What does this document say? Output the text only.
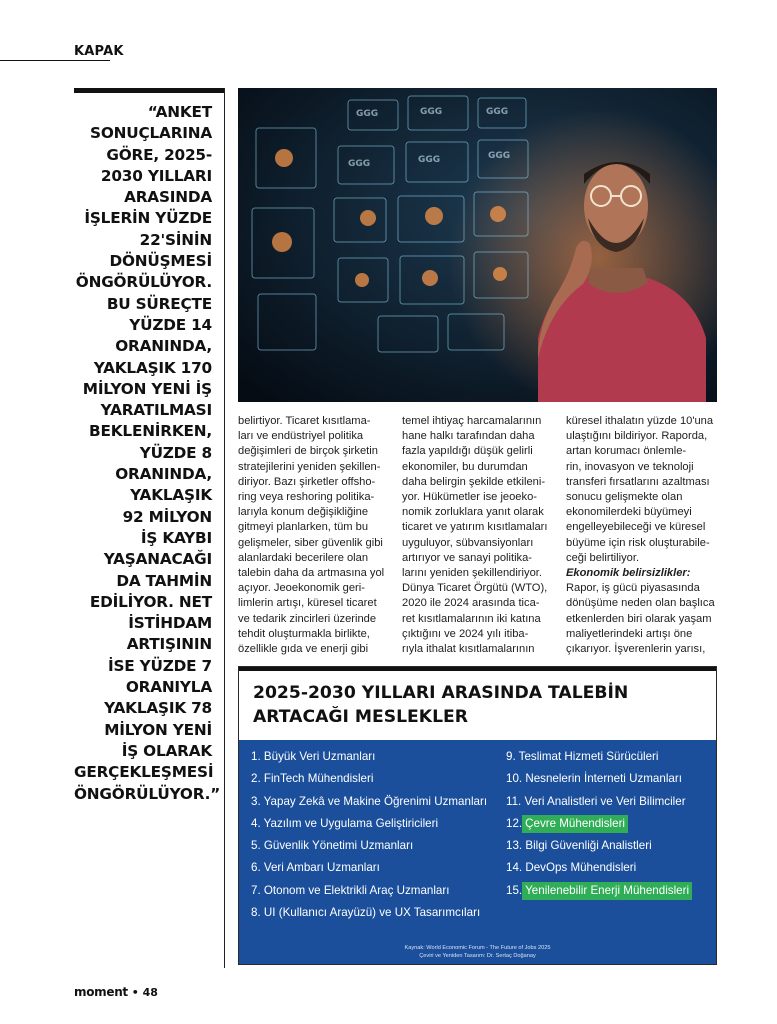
KAPAK
“ANKET
SONUÇLARINA
GÖRE, 2025-
2030 YILLARI
ARASINDA
İŞLERİN YÜZDE
22'SİNİN
DÖNÜŞMESİ
ÖNGÖRÜLÜYOR.
BU SÜREÇTE
YÜZDE 14
ORANINDA,
YAKLAŞIK 170
MİLYON YENİ İŞ
YARATILMASI
BEKLENİRKEN,
YÜZDE 8
ORANINDA,
YAKLAŞIK
92 MİLYON
İŞ KAYBI
YAŞANACAĞI
DA TAHMİN
EDİLİYOR. NET
İSTİHDAM
ARTIŞININ
İSE YÜZDE 7
ORANIYLA
YAKLAŞIK 78
MİLYON YENİ
İŞ OLARAK
GERÇEKLEŞMESİ
ÖNGÖRÜLÜYOR.”
GGG	GGG	GGG
GGG	GGG	GGG

belirtiyor. Ticaret kısıtlama-

ları ve endüstriyel politika

değişimleri de birçok şirketin

stratejilerini yeniden şekillen-

diriyor. Bazı şirketler offsho-

ring veya reshoring politika-

larıyla konum değişikliğine

gitmeyi planlarken, tüm bu

gelişmeler, siber güvenlik gibi

alanlardaki becerilere olan

talebin daha da artmasına yol

açıyor. Jeoekonomik geri-

limlerin artışı, küresel ticaret

ve tedarik zincirleri üzerinde

tehdit oluşturmakla birlikte,

özellikle gıda ve enerji gibi

temel ihtiyaç harcamalarının

hane halkı tarafından daha

fazla yapıldığı düşük gelirli

ekonomiler, bu durumdan

daha belirgin şekilde etkileni-

yor. Hükümetler ise jeoeko-

nomik zorluklara yanıt olarak

ticaret ve yatırım kısıtlamaları

uyguluyor, sübvansiyonları

artırıyor ve sanayi politika-

larını yeniden şekillendiriyor.

Dünya Ticaret Örgütü (WTO),

2020 ile 2024 arasında tica-

ret kısıtlamalarının iki katına

çıktığını ve 2024 yılı itiba-

rıyla ithalat kısıtlamalarının

küresel ithalatın yüzde 10'una

ulaştığını bildiriyor. Raporda,

artan korumacı önlemle-

rin, inovasyon ve teknoloji

transferi fırsatlarını azaltması

sonucu gelişmekte olan

ekonomilerdeki büyümeyi

engelleyebileceği ve küresel

büyüme için risk oluşturabile-

ceği belirtiliyor.

Ekonomik belirsizlikler:

Rapor, iş gücü piyasasında

dönüşüme neden olan başlıca

etkenlerden biri olarak yaşam

maliyetlerindeki artışı öne

çıkarıyor. İşverenlerin yarısı,

2025-2030 YILLARI ARASINDA TALEBİN
ARTACAĞI MESLEKLER
1. Büyük Veri Uzmanları
2. FinTech Mühendisleri
3. Yapay Zekâ ve Makine Öğrenimi Uzmanları
4. Yazılım ve Uygulama Geliştiricileri
5. Güvenlik Yönetimi Uzmanları
6. Veri Ambarı Uzmanları
7. Otonom ve Elektrikli Araç Uzmanları
8. UI (Kullanıcı Arayüzü) ve UX Tasarımcıları
9. Teslimat Hizmeti Sürücüleri
10. Nesnelerin İnterneti Uzmanları
11. Veri Analistleri ve Veri Bilimciler
12.Çevre Mühendisleri
13. Bilgi Güvenliği Analistleri
14. DevOps Mühendisleri
15.Yenilenebilir Enerji Mühendisleri
Kaynak: World Economic Forum - The Future of Jobs 2025
Çeviri ve Yeniden Tasarım: Dr. Sertaç Doğanay
moment • 48
